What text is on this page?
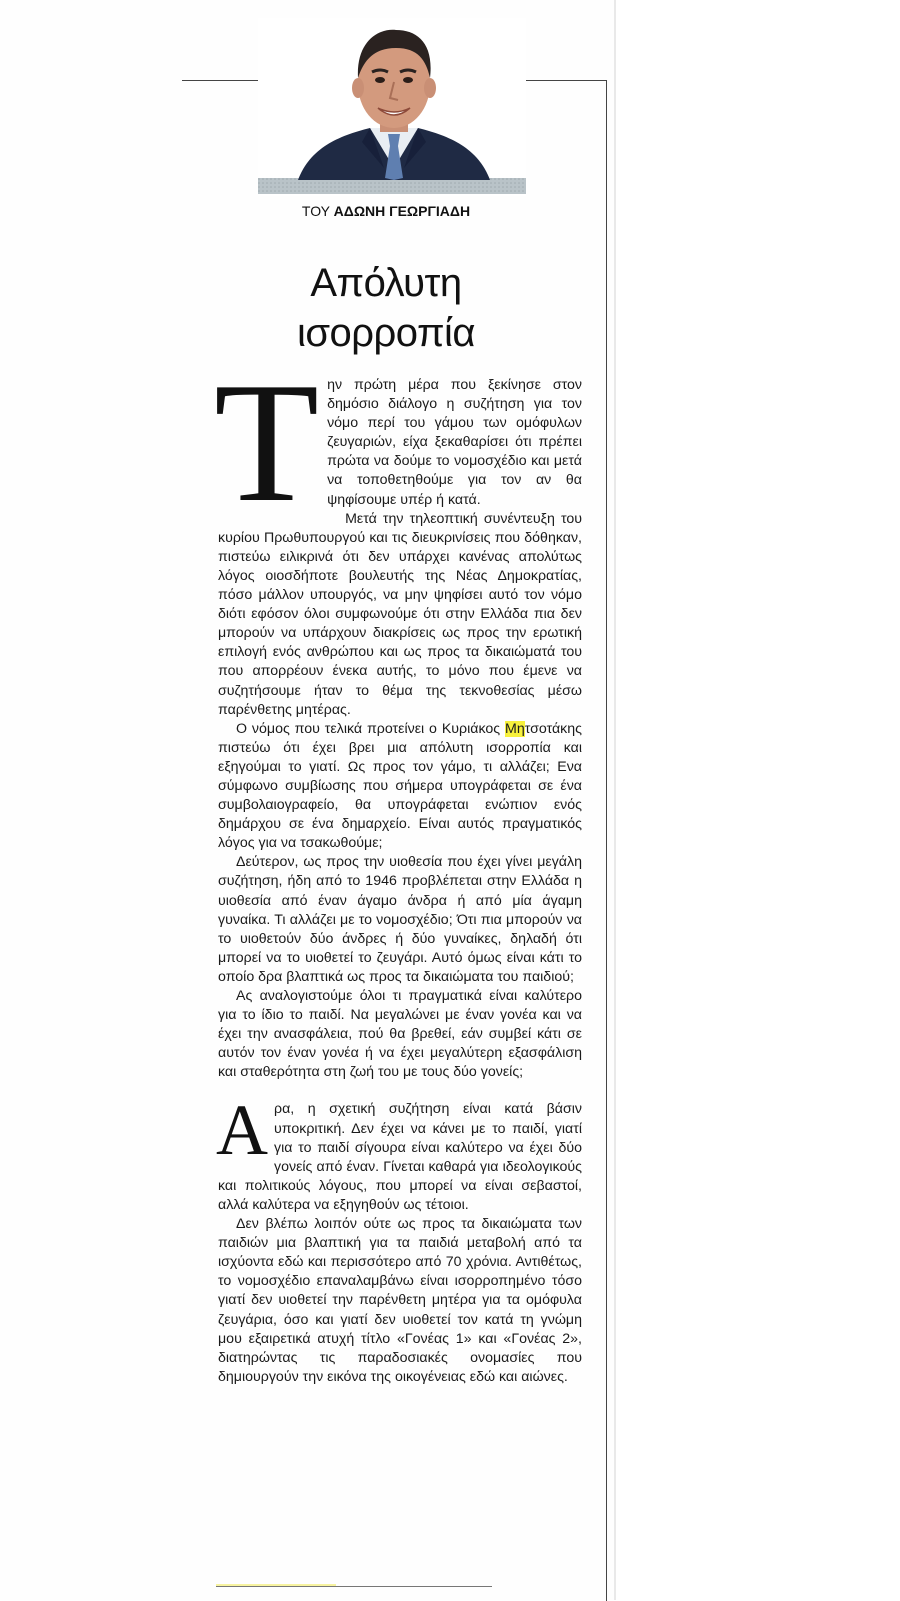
ΤΟΥ ΑΔΩΝΗ ΓΕΩΡΓΙΑΔΗ
Απόλυτη
ισορροπία

Την πρώτη μέρα που ξεκίνησε στον δημόσιο διάλογο η συζήτηση για τον νόμο περί του γάμου των ομόφυλων ζευγαριών, είχα ξεκαθαρίσει ότι πρέπει πρώτα να δούμε το νομοσχέδιο και μετά να τοποθετηθούμε για τον αν θα ψηφίσουμε υπέρ ή κατά.

Μετά την τηλεοπτική συνέντευξη του κυρίου Πρωθυπουργού και τις διευκρινίσεις που δόθηκαν, πιστεύω ειλικρινά ότι δεν υπάρχει κανένας απολύτως λόγος οιοσδήποτε βουλευτής της Νέας Δημοκρατίας, πόσο μάλλον υπουργός, να μην ψηφίσει αυτό τον νόμο διότι εφόσον όλοι συμφωνούμε ότι στην Ελλάδα πια δεν μπορούν να υπάρχουν διακρίσεις ως προς την ερωτική επιλογή ενός ανθρώπου και ως προς τα δικαιώματά του που απορρέουν ένεκα αυτής, το μόνο που έμενε να συζητήσουμε ήταν το θέμα της τεκνοθεσίας μέσω παρένθετης μητέρας.

Ο νόμος που τελικά προτείνει ο Κυριάκος Μητσοτάκης πιστεύω ότι έχει βρει μια απόλυτη ισορροπία και εξηγούμαι το γιατί. Ως προς τον γάμο, τι αλλάζει; Ενα σύμφωνο συμβίωσης που σήμερα υπογράφεται σε ένα συμβολαιογραφείο, θα υπογράφεται ενώπιον ενός δημάρχου σε ένα δημαρχείο. Είναι αυτός πραγματικός λόγος για να τσακωθούμε;

Δεύτερον, ως προς την υιοθεσία που έχει γίνει μεγάλη συζήτηση, ήδη από το 1946 προβλέπεται στην Ελλάδα η υιοθεσία από έναν άγαμο άνδρα ή από μία άγαμη γυναίκα. Τι αλλάζει με το νομοσχέδιο; Ότι πια μπορούν να το υιοθετούν δύο άνδρες ή δύο γυναίκες, δηλαδή ότι μπορεί να το υιοθετεί το ζευγάρι. Αυτό όμως είναι κάτι το οποίο δρα βλαπτικά ως προς τα δικαιώματα του παιδιού;

Ας αναλογιστούμε όλοι τι πραγματικά είναι καλύτερο για το ίδιο το παιδί. Να μεγαλώνει με έναν γονέα και να έχει την ανασφάλεια, πού θα βρεθεί, εάν συμβεί κάτι σε αυτόν τον έναν γονέα ή να έχει μεγαλύτερη εξασφάλιση και σταθερότητα στη ζωή του με τους δύο γονείς;

Αρα, η σχετική συζήτηση είναι κατά βάσιν υποκριτική. Δεν έχει να κάνει με το παιδί, γιατί για το παιδί σίγουρα είναι καλύτερο να έχει δύο γονείς από έναν. Γίνεται καθαρά για ιδεολογικούς και πολιτικούς λόγους, που μπορεί να είναι σεβαστοί, αλλά καλύτερα να εξηγηθούν ως τέτοιοι.

Δεν βλέπω λοιπόν ούτε ως προς τα δικαιώματα των παιδιών μια βλαπτική για τα παιδιά μεταβολή από τα ισχύοντα εδώ και περισσότερο από 70 χρόνια. Αντιθέτως, το νομοσχέδιο επαναλαμβάνω είναι ισορροπημένο τόσο γιατί δεν υιοθετεί την παρένθετη μητέρα για τα ομόφυλα ζευγάρια, όσο και γιατί δεν υιοθετεί τον κατά τη γνώμη μου εξαιρετικά ατυχή τίτλο «Γονέας 1» και «Γονέας 2», διατηρώντας τις παραδοσιακές ονομασίες που δημιουργούν την εικόνα της οικογένειας εδώ και αιώνες.
